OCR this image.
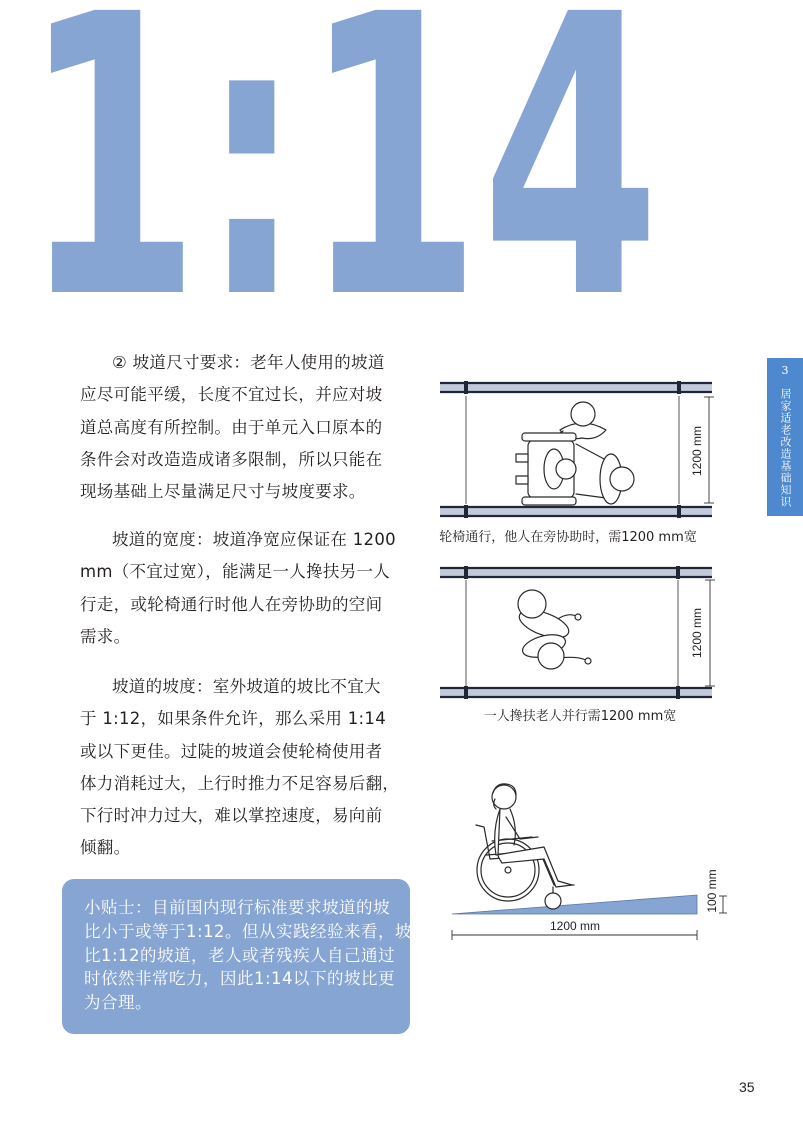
1:14
② 坡道尺寸要求：老年人使用的坡道
应尽可能平缓，长度不宜过长，并应对坡
道总高度有所控制。由于单元入口原本的
条件会对改造造成诸多限制，所以只能在
现场基础上尽量满足尺寸与坡度要求。
坡道的宽度：坡道净宽应保证在 1200
mm（不宜过宽），能满足一人搀扶另一人
行走，或轮椅通行时他人在旁协助的空间
需求。
坡道的坡度：室外坡道的坡比不宜大
于 1:12，如果条件允许，那么采用 1:14
或以下更佳。过陡的坡道会使轮椅使用者
体力消耗过大，上行时推力不足容易后翻，
下行时冲力过大，难以掌控速度，易向前
倾翻。
小贴士：目前国内现行标准要求坡道的坡
比小于或等于1:12。但从实践经验来看，坡
比1:12的坡道，老人或者残疾人自己通过
时依然非常吃力，因此1:14以下的坡比更
为合理。
3
居家适老改造基础知识
1200 mm
轮椅通行，他人在旁协助时，需1200 mm宽
1200 mm
一人搀扶老人并行需1200 mm宽
100 mm
1200 mm
35
